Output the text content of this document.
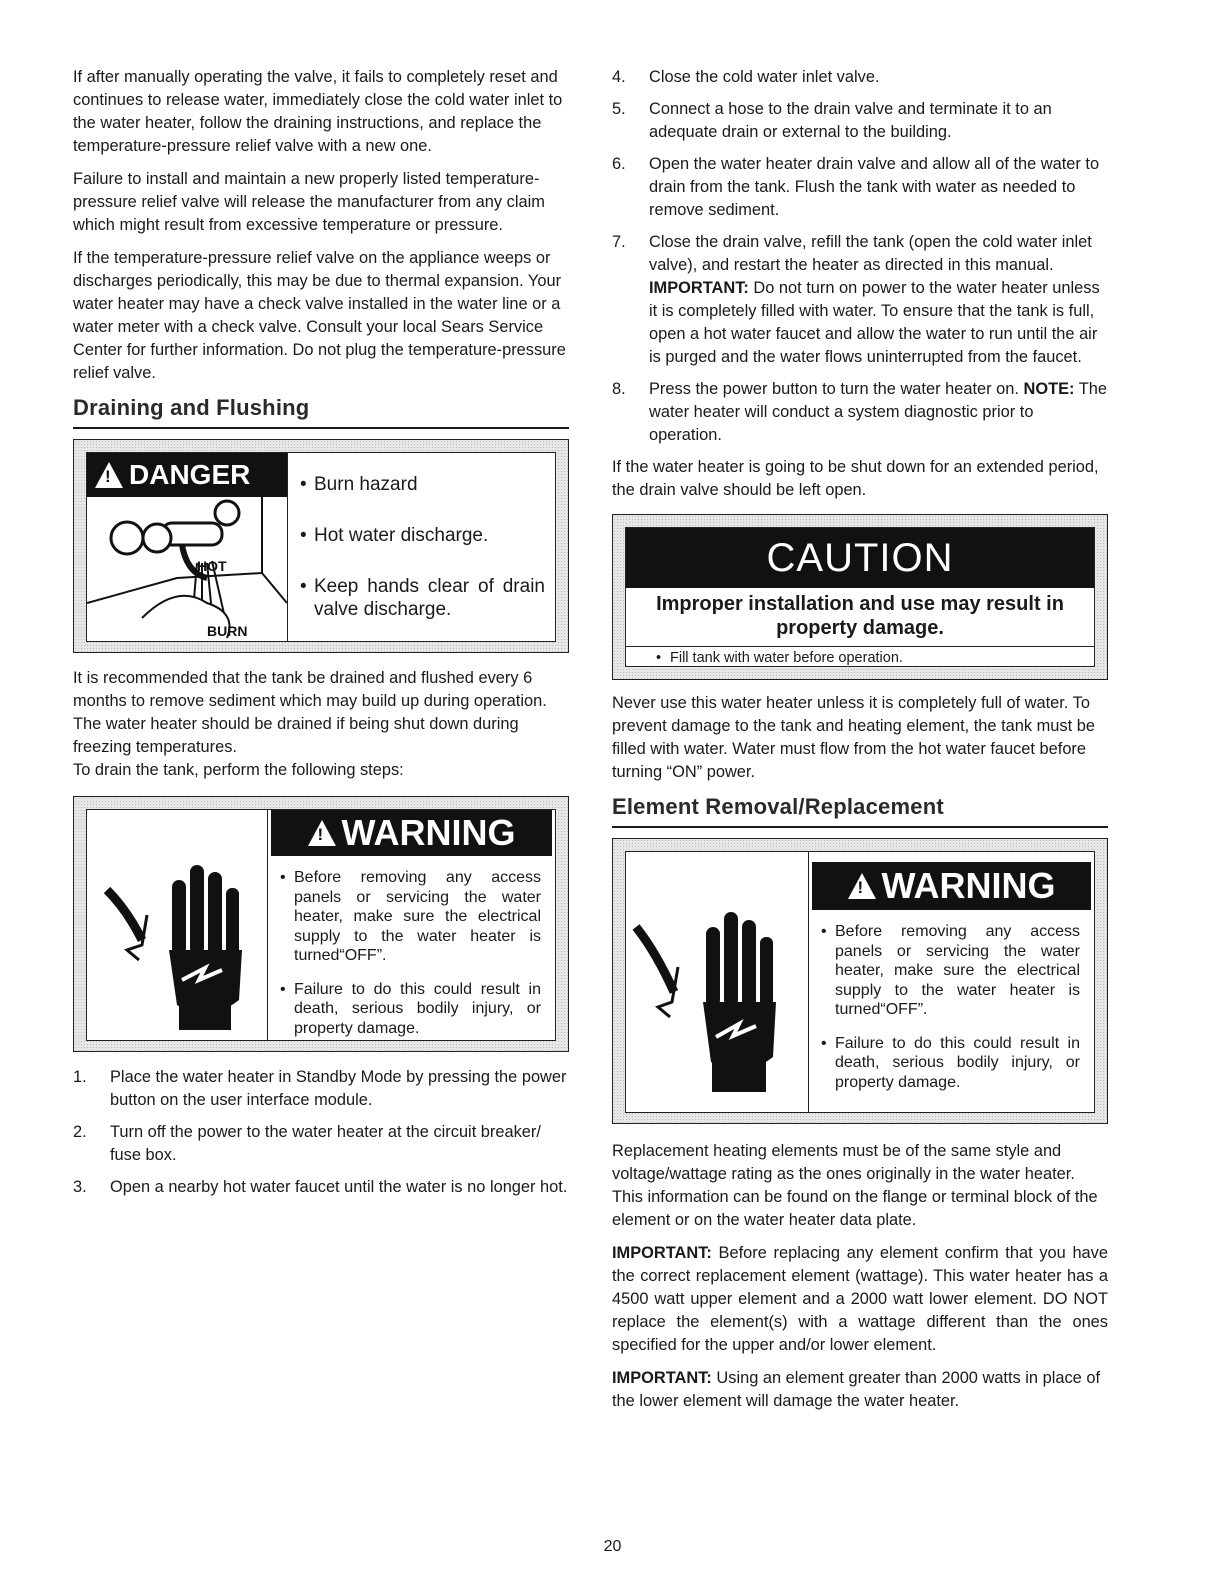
If after manually operating the valve, it fails to completely reset and continues to release water, immediately close the cold water inlet to the water heater, follow the draining instructions, and replace the temperature-pressure relief valve with a new one.

Failure to install and maintain a new properly listed temperature-pressure relief valve will release the manufacturer from any claim which might result from excessive temperature or pressure.

If the temperature-pressure relief valve on the appliance weeps or discharges periodically, this may be due to thermal expansion. Your water heater may have a check valve installed in the water line or a water meter with a check valve. Consult your local Sears Service Center for further information. Do not plug the temperature-pressure relief valve.

Draining and Flushing
! DANGER
HOT
BURN
• Burn hazard
• Hot water discharge.
• Keep hands clear of drain valve discharge.

It is recommended that the tank be drained and flushed every 6 months to remove sediment which may build up during operation. The water heater should be drained if being shut down during freezing temperatures.

To drain the tank, perform the following steps:

! WARNING
• Before removing any access panels or servicing the water heater, make sure the electrical supply to the water heater is turned“OFF”.
• Failure to do this could result in death, serious bodily injury, or property damage.
1. Place the water heater in Standby Mode by pressing the power button on the user interface module.
2. Turn off the power to the water heater at the circuit breaker/ fuse box.
3. Open a nearby hot water faucet until the water is no longer hot.
4. Close the cold water inlet valve.
5. Connect a hose to the drain valve and terminate it to an adequate drain or external to the building.
6. Open the water heater drain valve and allow all of the water to drain from the tank. Flush the tank with water as needed to remove sediment.
7. Close the drain valve, refill the tank (open the cold water inlet valve), and restart the heater as directed in this manual. IMPORTANT: Do not turn on power to the water heater unless it is completely filled with water. To ensure that the tank is full, open a hot water faucet and allow the water to run until the air is purged and the water flows uninterrupted from the faucet.
8. Press the power button to turn the water heater on. NOTE: The water heater will conduct a system diagnostic prior to operation.

If the water heater is going to be shut down for an extended period, the drain valve should be left open.

CAUTION
Improper installation and use may result in property damage.
• Fill tank with water before operation.

Never use this water heater unless it is completely full of water. To prevent damage to the tank and heating element, the tank must be filled with water. Water must flow from the hot water faucet before turning “ON” power.

Element Removal/Replacement
! WARNING
• Before removing any access panels or servicing the water heater, make sure the electrical supply to the water heater is turned“OFF”.
• Failure to do this could result in death, serious bodily injury, or property damage.

Replacement heating elements must be of the same style and voltage/wattage rating as the ones originally in the water heater. This information can be found on the flange or terminal block of the element or on the water heater data plate.

IMPORTANT: Before replacing any element confirm that you have the correct replacement element (wattage). This water heater has a 4500 watt upper element and a 2000 watt lower element. DO NOT replace the element(s) with a wattage different than the ones specified for the upper and/or lower element.

IMPORTANT: Using an element greater than 2000 watts in place of the lower element will damage the water heater.

20
